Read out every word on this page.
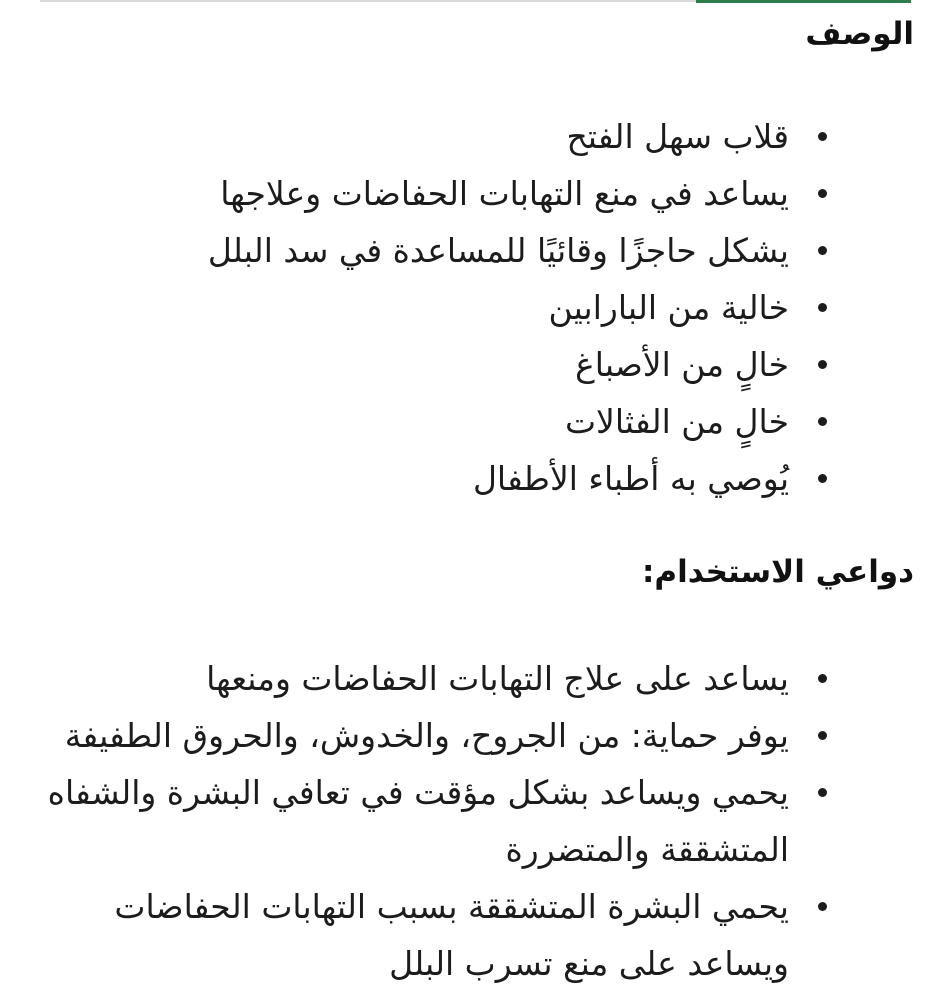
الوصف
قلاب سهل الفتح
يساعد في منع التهابات الحفاضات وعلاجها
يشكل حاجزًا وقائيًا للمساعدة في سد البلل
خالية من البارابين
خالٍ من الأصباغ
خالٍ من الفثالات
يُوصي به أطباء الأطفال
دواعي الاستخدام:
يساعد على علاج التهابات الحفاضات ومنعها
يوفر حماية: من الجروح، والخدوش، والحروق الطفيفة
يحمي ويساعد بشكل مؤقت في تعافي البشرة والشفاه المتشققة والمتضررة
يحمي البشرة المتشققة بسبب التهابات الحفاضات ويساعد على منع تسرب البلل
